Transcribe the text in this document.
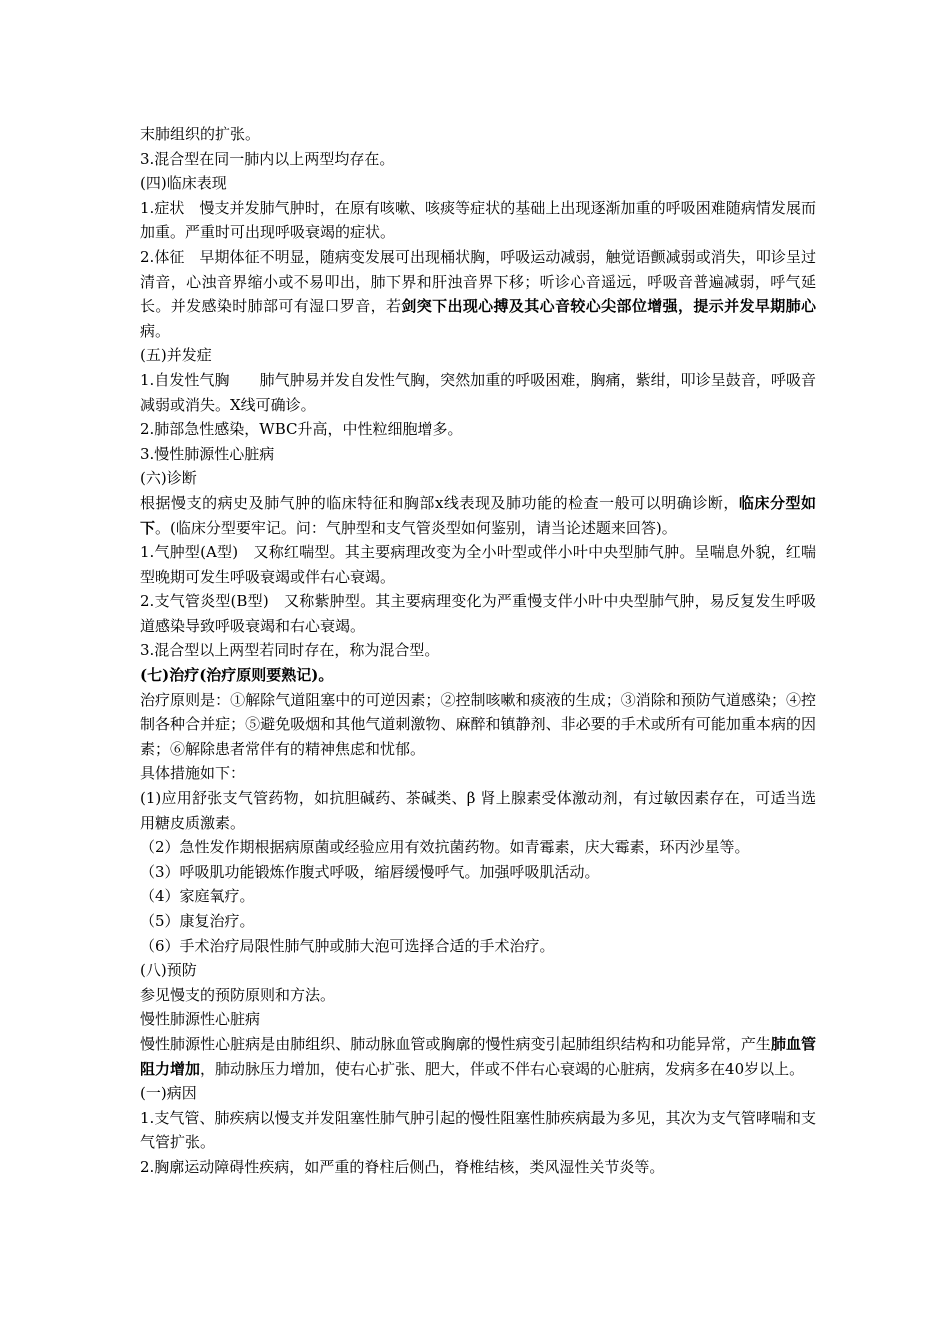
末肺组织的扩张。

3.混合型在同一肺内以上两型均存在。

(四)临床表现

1.症状　慢支并发肺气肿时，在原有咳嗽、咳痰等症状的基础上出现逐渐加重的呼吸困难随病情发展而加重。严重时可出现呼吸衰竭的症状。

2.体征　早期体征不明显，随病变发展可出现桶状胸，呼吸运动减弱，触觉语颤减弱或消失，叩诊呈过清音，心浊音界缩小或不易叩出，肺下界和肝浊音界下移；听诊心音遥远，呼吸音普遍减弱，呼气延长。并发感染时肺部可有湿口罗音，若剑突下出现心搏及其心音较心尖部位增强，提示并发早期肺心病。

(五)并发症

1.自发性气胸　　肺气肿易并发自发性气胸，突然加重的呼吸困难，胸痛，紫绀，叩诊呈鼓音，呼吸音减弱或消失。X线可确诊。

2.肺部急性感染，WBC升高，中性粒细胞增多。

3.慢性肺源性心脏病

(六)诊断

根据慢支的病史及肺气肿的临床特征和胸部x线表现及肺功能的检查一般可以明确诊断，临床分型如下。(临床分型要牢记。问：气肿型和支气管炎型如何鉴别，请当论述题来回答)。

1.气肿型(A型)　又称红喘型。其主要病理改变为全小叶型或伴小叶中央型肺气肿。呈喘息外貌，红喘型晚期可发生呼吸衰竭或伴右心衰竭。

2.支气管炎型(B型)　又称紫肿型。其主要病理变化为严重慢支伴小叶中央型肺气肿，易反复发生呼吸道感染导致呼吸衰竭和右心衰竭。

3.混合型以上两型若同时存在，称为混合型。

(七)治疗(治疗原则要熟记)。

治疗原则是：①解除气道阻塞中的可逆因素；②控制咳嗽和痰液的生成；③消除和预防气道感染；④控制各种合并症；⑤避免吸烟和其他气道刺激物、麻醉和镇静剂、非必要的手术或所有可能加重本病的因素；⑥解除患者常伴有的精神焦虑和忧郁。

具体措施如下：

(1)应用舒张支气管药物，如抗胆碱药、茶碱类、β 肾上腺素受体激动剂，有过敏因素存在，可适当选用糖皮质激素。

（2）急性发作期根据病原菌或经验应用有效抗菌药物。如青霉素，庆大霉素，环丙沙星等。

（3）呼吸肌功能锻炼作腹式呼吸，缩唇缓慢呼气。加强呼吸肌活动。

（4）家庭氧疗。

（5）康复治疗。

（6）手术治疗局限性肺气肿或肺大泡可选择合适的手术治疗。

(八)预防

参见慢支的预防原则和方法。

慢性肺源性心脏病

慢性肺源性心脏病是由肺组织、肺动脉血管或胸廓的慢性病变引起肺组织结构和功能异常，产生肺血管阻力增加，肺动脉压力增加，使右心扩张、肥大，伴或不伴右心衰竭的心脏病，发病多在40岁以上。

(一)病因

1.支气管、肺疾病以慢支并发阻塞性肺气肿引起的慢性阻塞性肺疾病最为多见，其次为支气管哮喘和支气管扩张。

2.胸廓运动障碍性疾病，如严重的脊柱后侧凸，脊椎结核，类风湿性关节炎等。
